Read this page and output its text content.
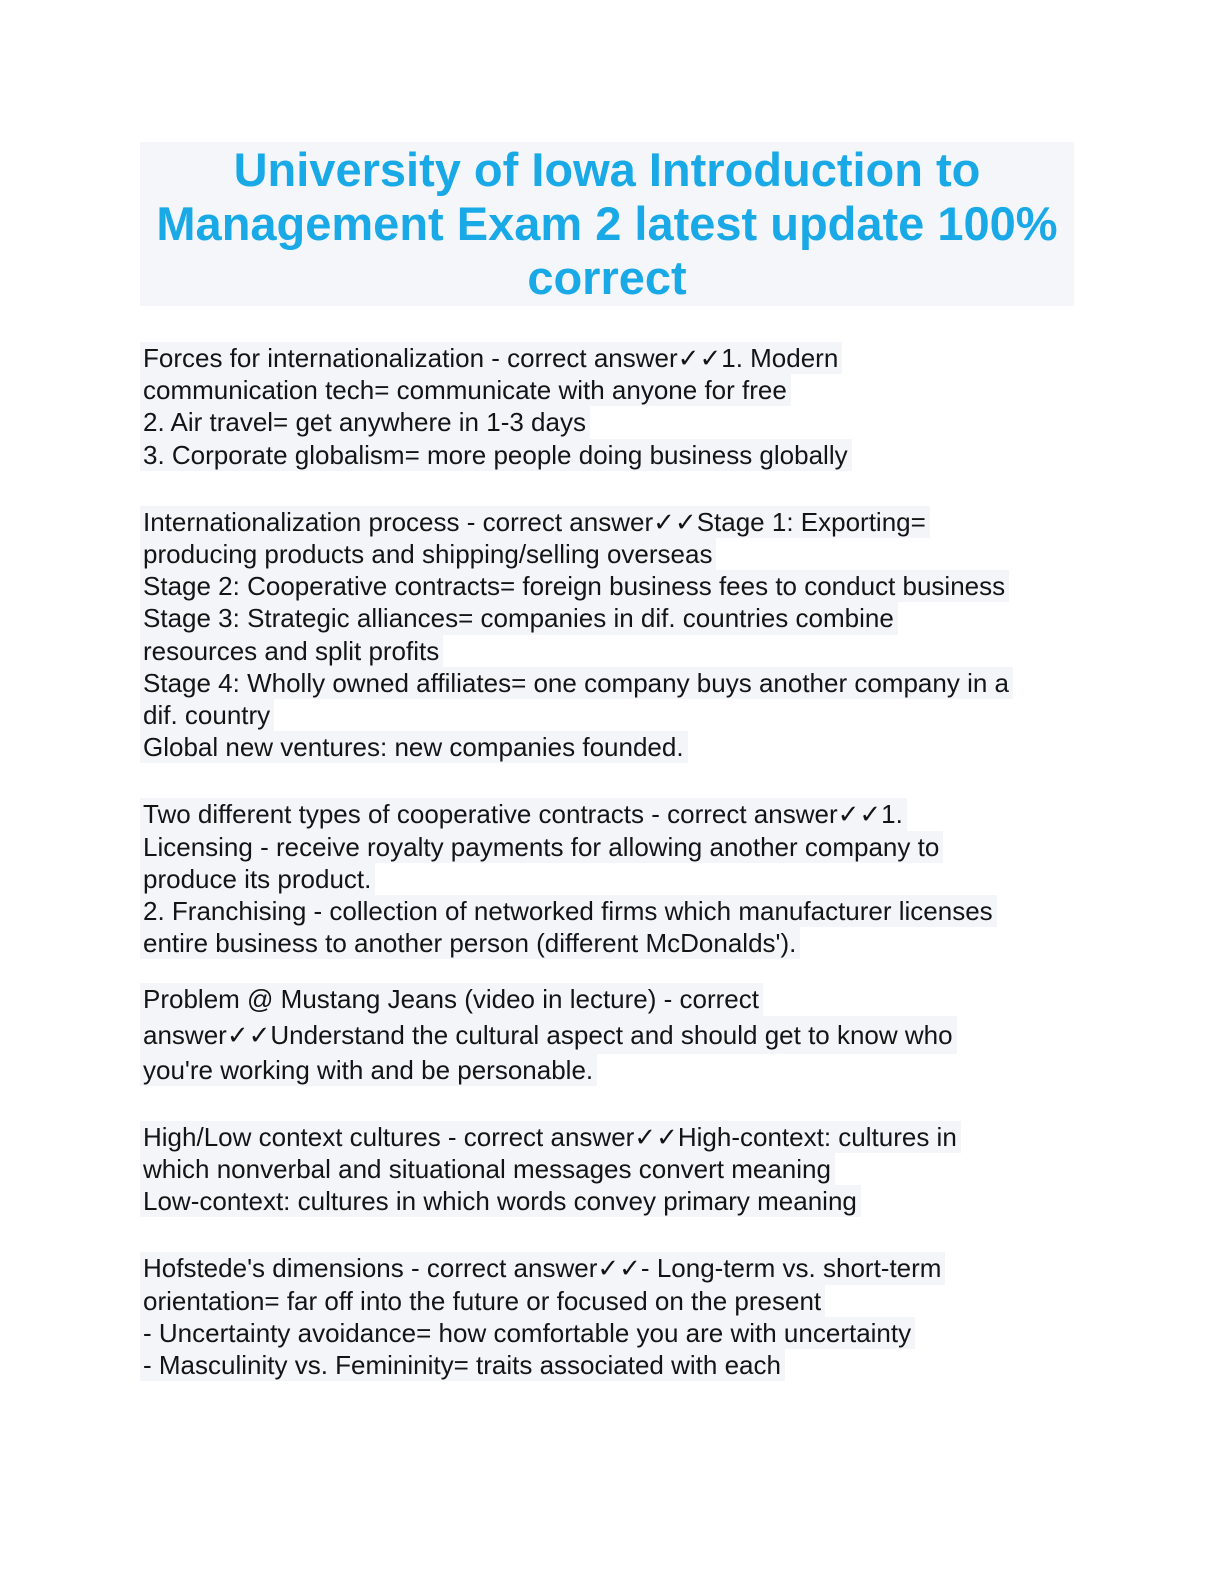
University of Iowa Introduction to
Management Exam 2 latest update 100%
correct
Forces for internationalization - correct answer✓✓1. Modern
communication tech= communicate with anyone for free
2. Air travel= get anywhere in 1-3 days
3. Corporate globalism= more people doing business globally
Internationalization process - correct answer✓✓Stage 1: Exporting=
producing products and shipping/selling overseas
Stage 2: Cooperative contracts= foreign business fees to conduct business
Stage 3: Strategic alliances= companies in dif. countries combine
resources and split profits
Stage 4: Wholly owned affiliates= one company buys another company in a
dif. country
Global new ventures: new companies founded.
Two different types of cooperative contracts - correct answer✓✓1.
Licensing - receive royalty payments for allowing another company to
produce its product.
2. Franchising - collection of networked firms which manufacturer licenses
entire business to another person (different McDonalds').
Problem @ Mustang Jeans (video in lecture) - correct
answer✓✓Understand the cultural aspect and should get to know who
you're working with and be personable.
High/Low context cultures - correct answer✓✓High-context: cultures in
which nonverbal and situational messages convert meaning
Low-context: cultures in which words convey primary meaning
Hofstede's dimensions - correct answer✓✓- Long-term vs. short-term
orientation= far off into the future or focused on the present
- Uncertainty avoidance= how comfortable you are with uncertainty
- Masculinity vs. Femininity= traits associated with each
